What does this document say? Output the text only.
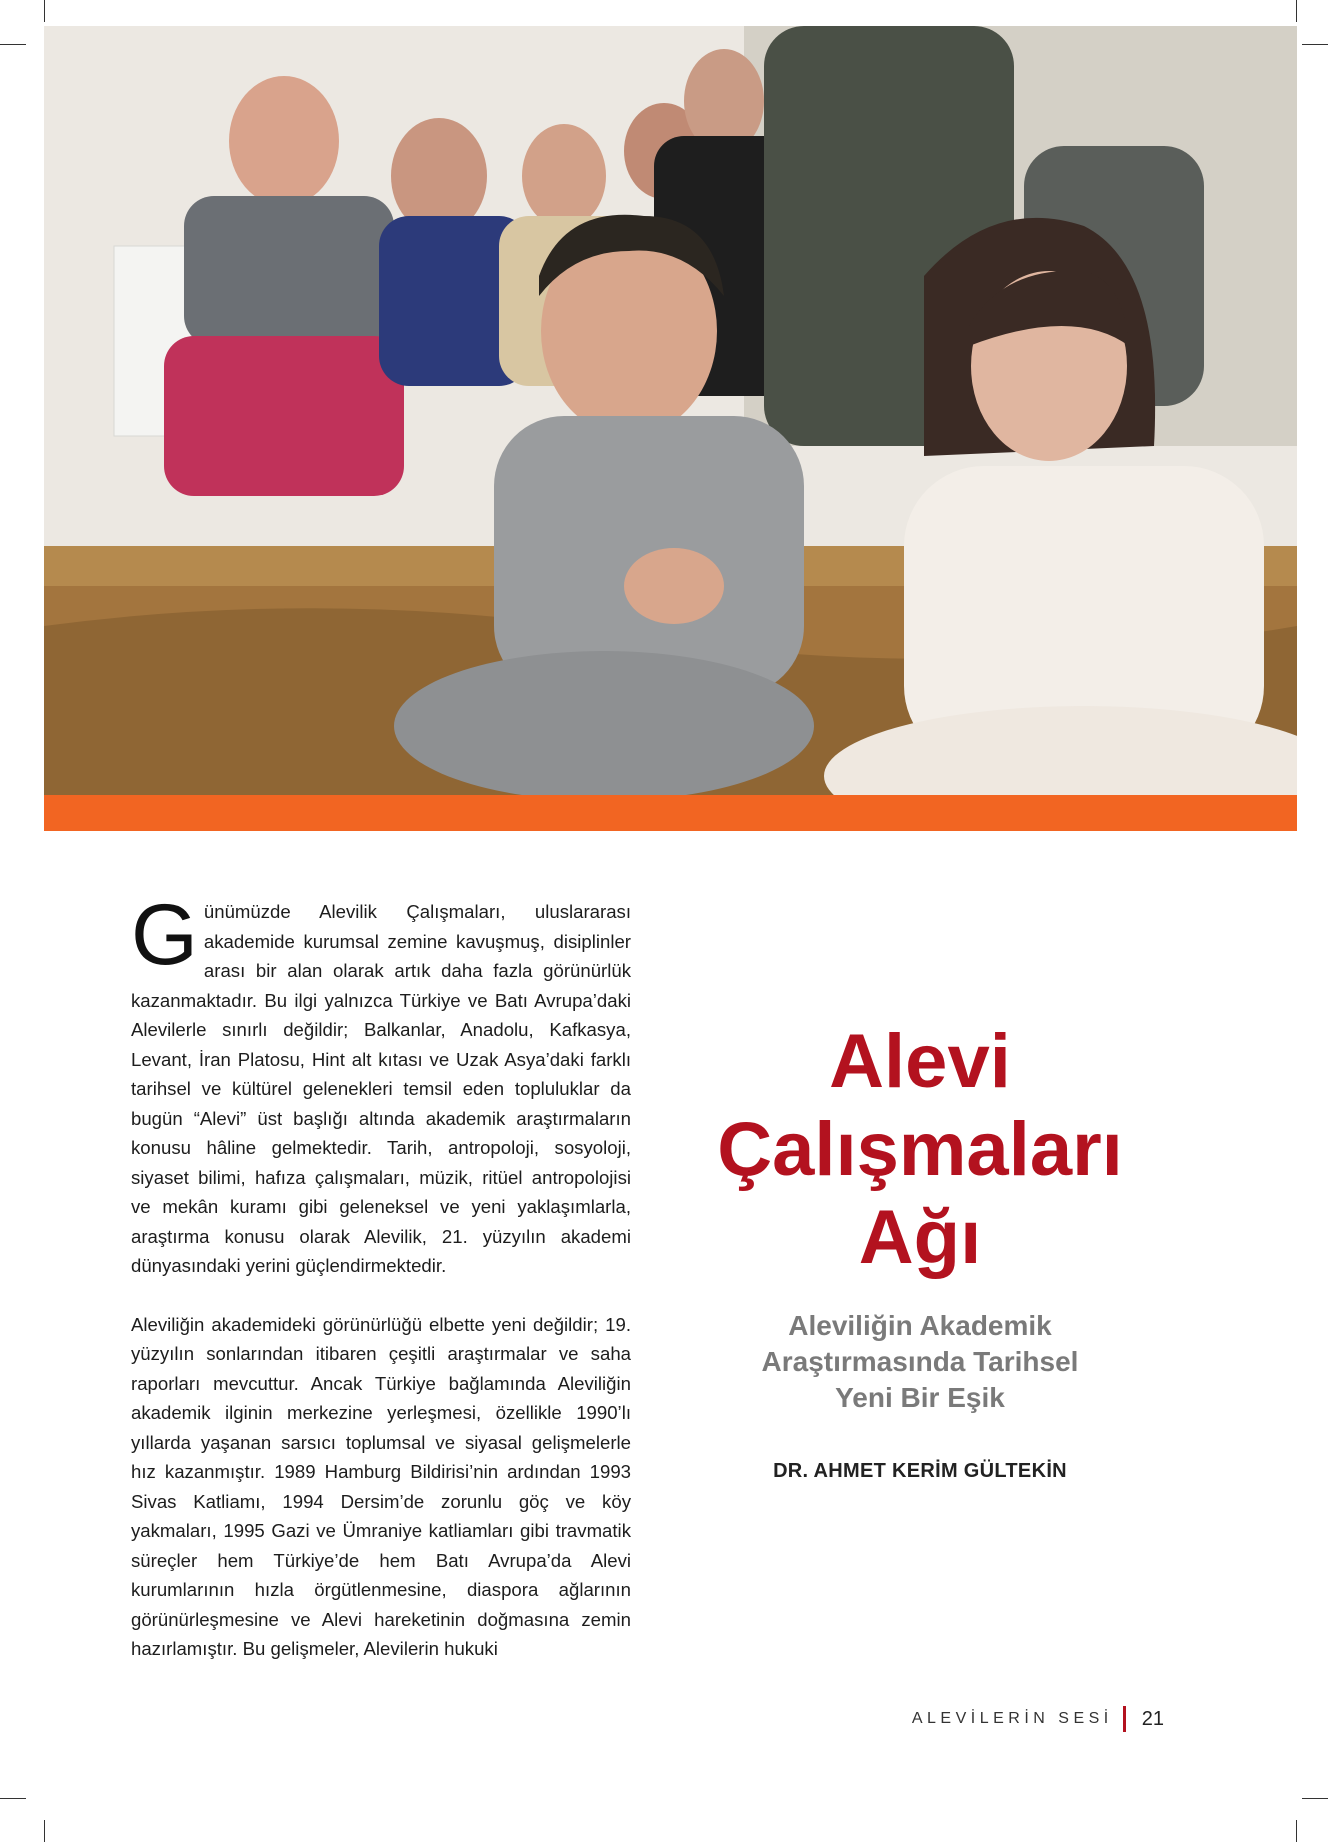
Günümüzde Alevilik Çalışmaları, uluslararası akademide kurumsal zemine kavuşmuş, disiplinler arası bir alan olarak artık daha fazla görünürlük kazanmaktadır. Bu ilgi yalnızca Türkiye ve Batı Avrupa’daki Alevilerle sınırlı değildir; Balkanlar, Anadolu, Kafkasya, Levant, İran Platosu, Hint alt kıtası ve Uzak Asya’daki farklı tarihsel ve kültürel gelenekleri temsil eden topluluklar da bugün “Alevi” üst başlığı altında akademik araştırmaların konusu hâline gelmektedir. Tarih, antropoloji, sosyoloji, siyaset bilimi, hafıza çalışmaları, müzik, ritüel antropolojisi ve mekân kuramı gibi geleneksel ve yeni yaklaşımlarla, araştırma konusu olarak Alevilik, 21. yüzyılın akademi dünyasındaki yerini güçlendirmektedir.

Aleviliğin akademideki görünürlüğü elbette yeni değildir; 19. yüzyılın sonlarından itibaren çeşitli araştırmalar ve saha raporları mevcuttur. Ancak Türkiye bağlamında Aleviliğin akademik ilginin merkezine yerleşmesi, özellikle 1990’lı yıllarda yaşanan sarsıcı toplumsal ve siyasal gelişmelerle hız kazanmıştır. 1989 Hamburg Bildirisi’nin ardından 1993 Sivas Katliamı, 1994 Dersim’de zorunlu göç ve köy yakmaları, 1995 Gazi ve Ümraniye katliamları gibi travmatik süreçler hem Türkiye’de hem Batı Avrupa’da Alevi kurumlarının hızla örgütlenmesine, diaspora ağlarının görünürleşmesine ve Alevi hareketinin doğmasına zemin hazırlamıştır. Bu gelişmeler, Alevilerin hukuki

Alevi
Çalışmaları
Ağı
Aleviliğin Akademik
Araştırmasında Tarihsel
Yeni Bir Eşik
DR. AHMET KERİM GÜLTEKİN
ALEVİLERİN SESİ 21
